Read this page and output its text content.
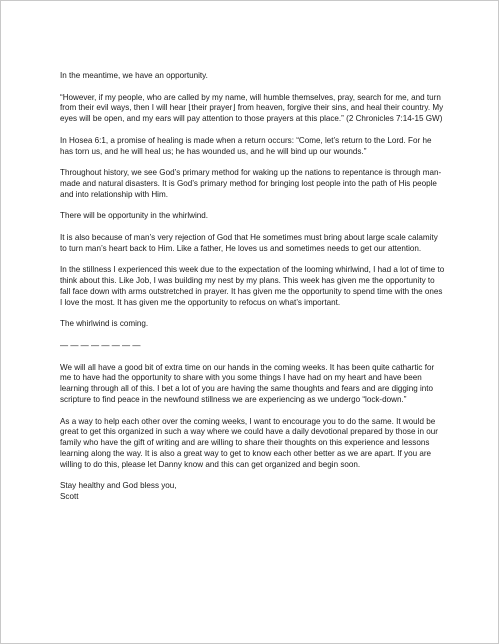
In the meantime, we have an opportunity.

“However, if my people, who are called by my name, will humble themselves, pray, search for me, and turn from their evil ways, then I will hear ⌊their prayer⌋ from heaven, forgive their sins, and heal their country. My eyes will be open, and my ears will pay attention to those prayers at this place.” (2 Chronicles 7:14-15 GW)

In Hosea 6:1, a promise of healing is made when a return occurs: “Come, let’s return to the Lord. For he has torn us, and he will heal us; he has wounded us, and he will bind up our wounds.”

Throughout history, we see God’s primary method for waking up the nations to repentance is through man-made and natural disasters. It is God’s primary method for bringing lost people into the path of His people and into relationship with Him.

There will be opportunity in the whirlwind.

It is also because of man’s very rejection of God that He sometimes must bring about large scale calamity to turn man’s heart back to Him. Like a father, He loves us and sometimes needs to get our attention.

In the stillness I experienced this week due to the expectation of the looming whirlwind, I had a lot of time to think about this. Like Job, I was building my nest by my plans. This week has given me the opportunity to fall face down with arms outstretched in prayer. It has given me the opportunity to spend time with the ones I love the most. It has given me the opportunity to refocus on what’s important.

The whirlwind is coming.

— — — — — — — —

We will all have a good bit of extra time on our hands in the coming weeks. It has been quite cathartic for me to have had the opportunity to share with you some things I have had on my heart and have been learning through all of this. I bet a lot of you are having the same thoughts and fears and are digging into scripture to find peace in the newfound stillness we are experiencing as we undergo “lock-down.”

As a way to help each other over the coming weeks, I want to encourage you to do the same. It would be great to get this organized in such a way where we could have a daily devotional prepared by those in our family who have the gift of writing and are willing to share their thoughts on this experience and lessons learning along the way. It is also a great way to get to know each other better as we are apart. If you are willing to do this, please let Danny know and this can get organized and begin soon.

Stay healthy and God bless you,

Scott
